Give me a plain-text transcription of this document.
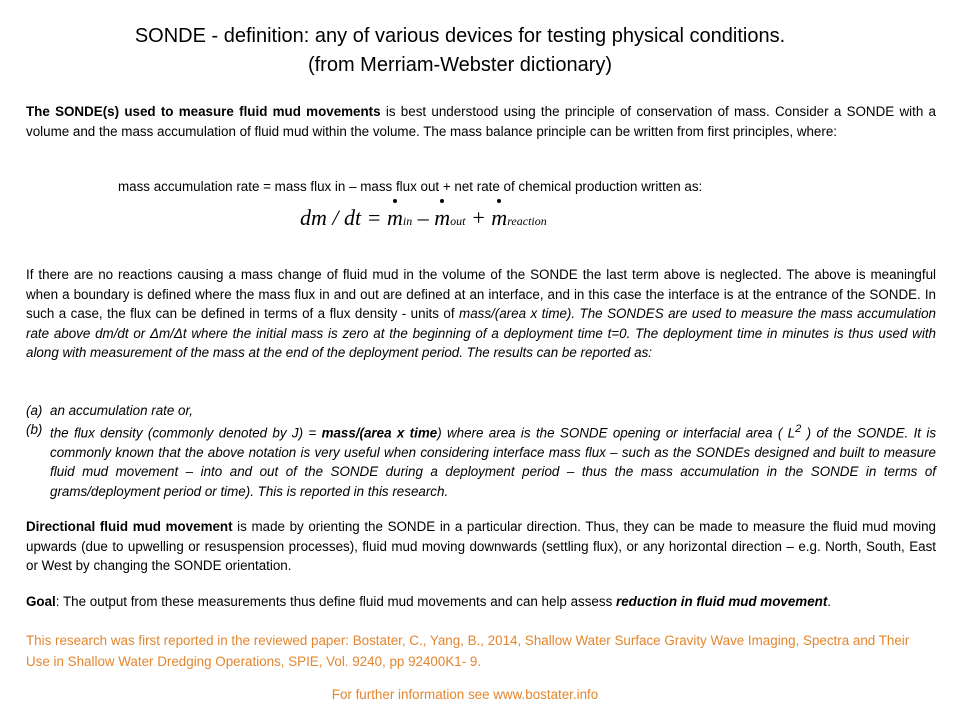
SONDE - definition: any of various devices for testing physical conditions.
(from Merriam-Webster dictionary)
The SONDE(s) used to measure fluid mud movements is best understood using the principle of conservation of mass. Consider a SONDE with a volume and the mass accumulation of fluid mud within the volume. The mass balance principle can be written from first principles, where:
mass accumulation rate = mass flux in – mass flux out + net rate of chemical production written as:
dm / dt = min – mout + mreaction
If there are no reactions causing a mass change of fluid mud in the volume of the SONDE the last term above is neglected. The above is meaningful when a boundary is defined where the mass flux in and out are defined at an interface, and in this case the interface is at the entrance of the SONDE. In such a case, the flux can be defined in terms of a flux density - units of mass/(area x time). The SONDES are used to measure the mass accumulation rate above dm/dt or Δm/Δt where the initial mass is zero at the beginning of a deployment time t=0. The deployment time in minutes is thus used with along with measurement of the mass at the end of the deployment period. The results can be reported as:
(a) an accumulation rate or,
(b) the flux density (commonly denoted by J) = mass/(area x time) where area is the SONDE opening or interfacial area ( $L^2$ ) of the SONDE. It is commonly known that the above notation is very useful when considering interface mass flux – such as the SONDEs designed and built to measure fluid mud movement – into and out of the SONDE during a deployment period – thus the mass accumulation in the SONDE in terms of grams/deployment period or time). This is reported in this research.
Directional fluid mud movement is made by orienting the SONDE in a particular direction. Thus, they can be made to measure the fluid mud moving upwards (due to upwelling or resuspension processes), fluid mud moving downwards (settling flux), or any horizontal direction – e.g. North, South, East or West by changing the SONDE orientation.
Goal: The output from these measurements thus define fluid mud movements and can help assess reduction in fluid mud movement.
This research was first reported in the reviewed paper: Bostater, C., Yang, B., 2014, Shallow Water Surface Gravity Wave Imaging, Spectra and Their Use in Shallow Water Dredging Operations, SPIE, Vol. 9240, pp 92400K1- 9.
For further information see www.bostater.info
